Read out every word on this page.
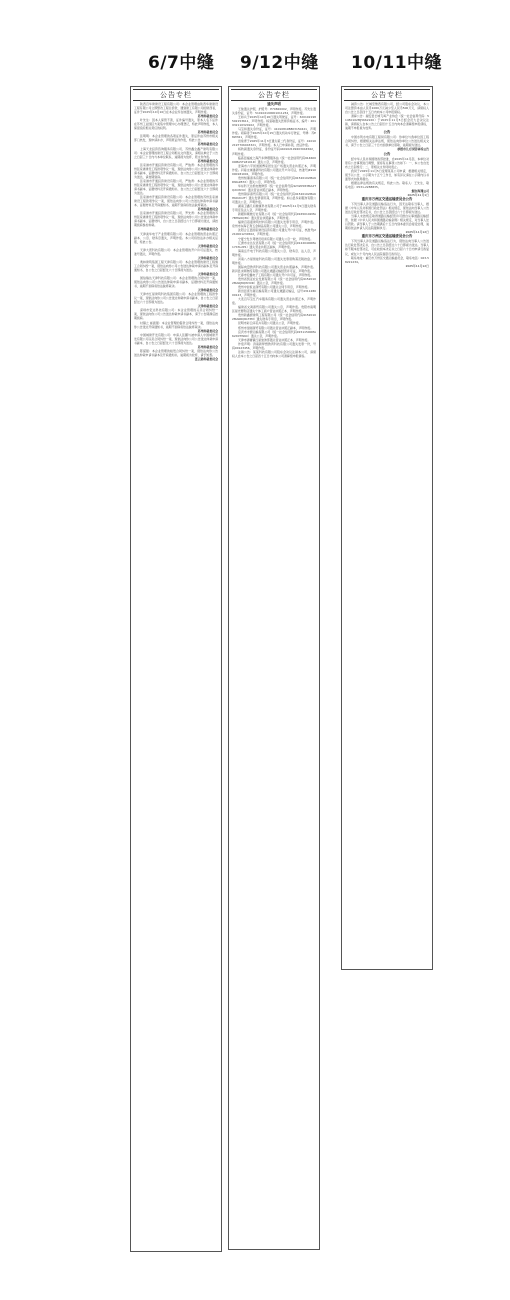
6/7中缝 9/12中缝 10/11中缝
公告专栏

陕西百华建建设工程有限公司：本企业管理由陕西华建建设工程有限公司立即整改工程总价款，遇到建工有限公司的陕西省，证件于2025年10月10日在本企业所在地遗失，声明作废。

苏州仲裁委员会

叶先生：因本人保管不善，证件编号遗失，原本人名下证件在苏州工业园区方案集中管理中心办理登记，特此声明作废，本人保留追究相关责任的权利。

苏州仲裁委员会

张明明：本企业管理的各项证件遗失，原证件由苏州市相关部门核发，现申请补办，声明原证件作废，特此公告。

苏州仲裁委员会

上海天龙投资咨询服务有限公司、苏州鑫全鑫产建筑有限公司：本企业管理的建设工程合同相关文件遗失，请相关单位于公告之日起三十日内与本单位联系，逾期视为放弃，原文件作废。

苏州仲裁委员会

张家港市开通投资建设有限公司、严俊青：本企业管理的苏州张家港建设工程款项争议一案，现依法向你公司公告送达仲裁申请书副本、证据材料及开庭通知书，自公告之日起经过六十日即视为送达，请按期到庭。

张家港市开通投资建设有限公司、严俊青：本企业管理的苏州张家港建设工程款项争议一案，现依法向你公司公告送达仲裁申请书副本、证据材料及开庭通知书，自公告之日起经过六十日即视为送达。

张家港市开通投资建设有限公司：本企业管理的苏州张家港建设工程款项争议一案，现依法向你公司公告送达仲裁申请书副本、证据材料及开庭通知书，逾期不到庭将依法缺席裁决。

苏州仲裁委员会

张家港市开通投资建设有限公司、罗先青：本企业管理的苏州张家港建设工程款项争议一案，现依法向你公司公告送达仲裁申请书副本、证据材料，自公告之日起经过六十日即视为送达，请按期到庭参加仲裁。

苏州仲裁委员会

天津美华电子产业管理有限公司：本企业管理的营业执照正副本、公章、财务章遗失，声明作废。本公司将依法补办相关证照，特此公告。

天津仲裁委员会

天津大恩科技有限公司：本企业管理的开户许可证遗失，核准号遗失，声明作废。

天津仲裁委员会

奥林建筑集团工程天津有限公司：本企业管理的建设工程施工合同纠纷一案，现依法向你公司公告送达仲裁申请书副本及开庭通知书，自公告之日起经过六十日即视为送达。

天津仲裁委员会

国信瑞达天津科技有限公司：本企业管理的合同纠纷一案，现依法向你公司公告送达仲裁申请书副本、证据材料及开庭通知书，逾期不到庭将依法缺席裁决。

天津仲裁委员会

天津市红星建筑科技集团有限公司：本企业管理的工程款争议一案，现依法向你公司公告送达仲裁申请书副本，自公告之日起经过六十日即视为送达。

天津仲裁委员会

深圳市宏达科技有限公司：本企业管理的买卖合同纠纷一案，现依法向你公司公告送达仲裁申请书副本，请于公告期满后按期到庭。

村镇之 崔振强：本企业管理的借款合同纠纷一案，现依法向你公告送达开庭通知书，逾期不到庭将依法缺席裁决。

苏州仲裁委员会

中国城建开发有限公司：申请人张鹏与被申请人中国城建开发有限公司买卖合同纠纷一案，现依法向你公司公告送达仲裁申请书副本，自公告之日起经过六十日即视为送达。

苏州仲裁委员会

陈富强：本企业管理的租赁合同纠纷一案，现依法向你公告送达仲裁申请书副本及开庭通知书，逾期视为放弃，请予知悉。

连云港仲裁委员会

公告专栏

遗失声明

王俊遗失护照，护照号：E70820002，声明作废。苏先生遗失身份证，证号：510102199001011234，声明作废。

王如兵于2025年10月20日遗失驾驶证，证号：320102198502153611，声明作废。杨爱敏遗失医师资格证书，编号：201932110320102，声明作废。

马宝和遗失身份证，证号：410108198803150421，声明作废。胡海涛于2025年10月15日遗失机动车行驶证，号牌：苏E8W321，声明作废。

田常青于2025年11月3日遗失第二代身份证，证号：410102197706043321，声明作废。本人已申请补领，此证作废。

杨秋颖遗失身份证，身份证号码440102199203044562，声明作废。

临高县福成之海汽车修理服务站（统一社会信用代码91460000MA5TL8101R）遗失公章，声明作废。

麦海市六平街道国博家居生活广场遗失营业执照正本，声明作废。河南文体通新科技有限公司遗失开户许可证，核准号J4910000181001，声明作废。

贵州知墨商务有限公司（统一社会信用代码91520102MA6DNG2B7X）遗失公章，声明作废。

华东科天达机电维修部（统一社会信用代码92320583MA2TQ2CW3U）遗失营业执照正副本，声明作废。

贵州锦泽商贸有限公司（统一社会信用代码91520102MA6HKD2C2F）遗失发票领用簿，声明作废。如山县多彩服饰有限公司遗失公章，声明作废。

湖南卫鑫几何健康科技有限公司于2025年11月5日遗失财务专用章及法人章，声明作废。

新疆和顺旅行社有限公司（统一社会信用代码91650102MA7BHG6Q3K）遗失营业执照副本，声明作废。

福建百蓓嘉建筑材料有限公司遗失发票专用章，声明作废。泉州市东海亿利五金制品有限公司遗失公章，声明作废。

沈阳合江县国家建设投资有限公司遗失开户许可证，核准号J2210001234502，声明作废。

宁夏宁发乐驾驶员培训有限公司遗失公章一枚，声明作废。

辽源市永达仪表有限公司（统一社会信用代码91220400MA17X3L2P1）遗失营业执照正副本，声明作废。

海南岳升电子科技有限公司遗失公章、财务章、法人章，声明作废。

河南八方星智能科技有限公司遗失发票领购簿及税控盘，声明作废。

国际向量教育科技有限公司遗失营业执照副本，声明作废。新河县永顺物流有限公司遗失道路运输经营许可证，声明作废。

长春市宏鑫电子工程有限公司遗失开户许可证，声明作废。

贵州省凯亚农业发展有限公司（统一社会信用代码91520102MA6J8QW3XR）遗失公章，声明作废。

贵州中信恒业商贸有限公司遗失合同专用章，声明作废。

新田县喜乐屋运输有限公司遗失道路运输证，证号431128000123，声明作废。

大连百写宝红汽车服务有限公司遗失营业执照正本，声明作废。

福建省文鸿商贸有限公司遗失公章，声明作废。贵阳市南明区星光便利店遗失个体工商户营业执照正本，声明作废。

贵州新鑫源建筑工程有限公司（统一社会信用代码91520102MA6RQ0LT3M）遗失财务专用章，声明作废。

昆明市彩云间花卉有限公司遗失公章，声明作废。

郑州市金刚商贸有限公司遗失营业执照正副本，声明作废。

宜宾市丰源运输有限公司（统一社会信用代码91511500MA62X0TW6C）遗失公章，声明作废。

天津市清塘镇红星装饰部遗失营业执照正本，声明作废。

作废声明：济南新梦想教育科技有限公司遗失发票一份，号码00123456，声明作废。

注销公告：某某科技有限公司股东会决议注销本公司，请债权人自本公告之日起四十五日内向本公司清算组申报债权。

公告专栏

减资公告：长城至豫西有限公司，经公司股东会决议，本公司注册资本由人民币1000万元减少至人民币500万元，请债权人自公告之日起四十五日内向本公司申报债权。

清算公告：湖安县长城飞鸣产业协会（统一社会信用代码：51450102MJ5662220）于2025年11月5日经会员大会决议注销，请债权人自本公告之日起四十五日内向本会清算组申报债权，逾期不申报视为放弃。

公告

中国水利水电有限工程局有限公司：你单位与我单位因工程合同纠纷，根据相关法律法规，现依法向你单位公告送达相关文书，请于公告之日起三十日内到我单位领取，逾期视为送达。

承德市儿方国营林场公告

公告

经中华人民共和国财政部批准，自2025年11月起，本单位对原有公告事项进行调整，现将有关事项公告如下：一、本公告自发布之日起施行；二、原相关文件同时废止。

我局于2025年11月5日受理某某公司申请，根据相关规定，现予以公告，公示期为十五个工作日，如有异议请在公示期内以书面形式向我局提出。

根据法律法规的有关规定，特此公告。联系人：王先生，联系电话：0531-2288835。

烟台海翔公司

2025年11月1日

重庆市万州区交通运输委员会公告

下列当事人涉及道路运输违法行为，因无法联系当事人，根据《中华人民共和国行政处罚法》相关规定，现依法向当事人公告送达行政处罚决定书，自公告之日起经过六十日即视为送达。

当事人未按规定取得道路运输经营许可擅自从事道路运输经营，依据《中华人民共和国道路运输条例》相关规定，对当事人处以罚款。请当事人于公告期满后十五日内到本委员会接受处理，逾期将依法申请人民法院强制执行。

2025年11月12日

重庆市万州区交通运输委员会公告

下列当事人涉及道路运输违法行为，现依法向当事人公告送达行政处罚决定书，自公告之日起经过六十日即视为送达。当事人如不服本处罚决定，可在收到本决定书之日起六十日内申请行政复议，或在六个月内向人民法院提起行政诉讼。

联系地址：重庆市万州区交通运输委员会，联系电话：023-58221234。

2025年11月12日
